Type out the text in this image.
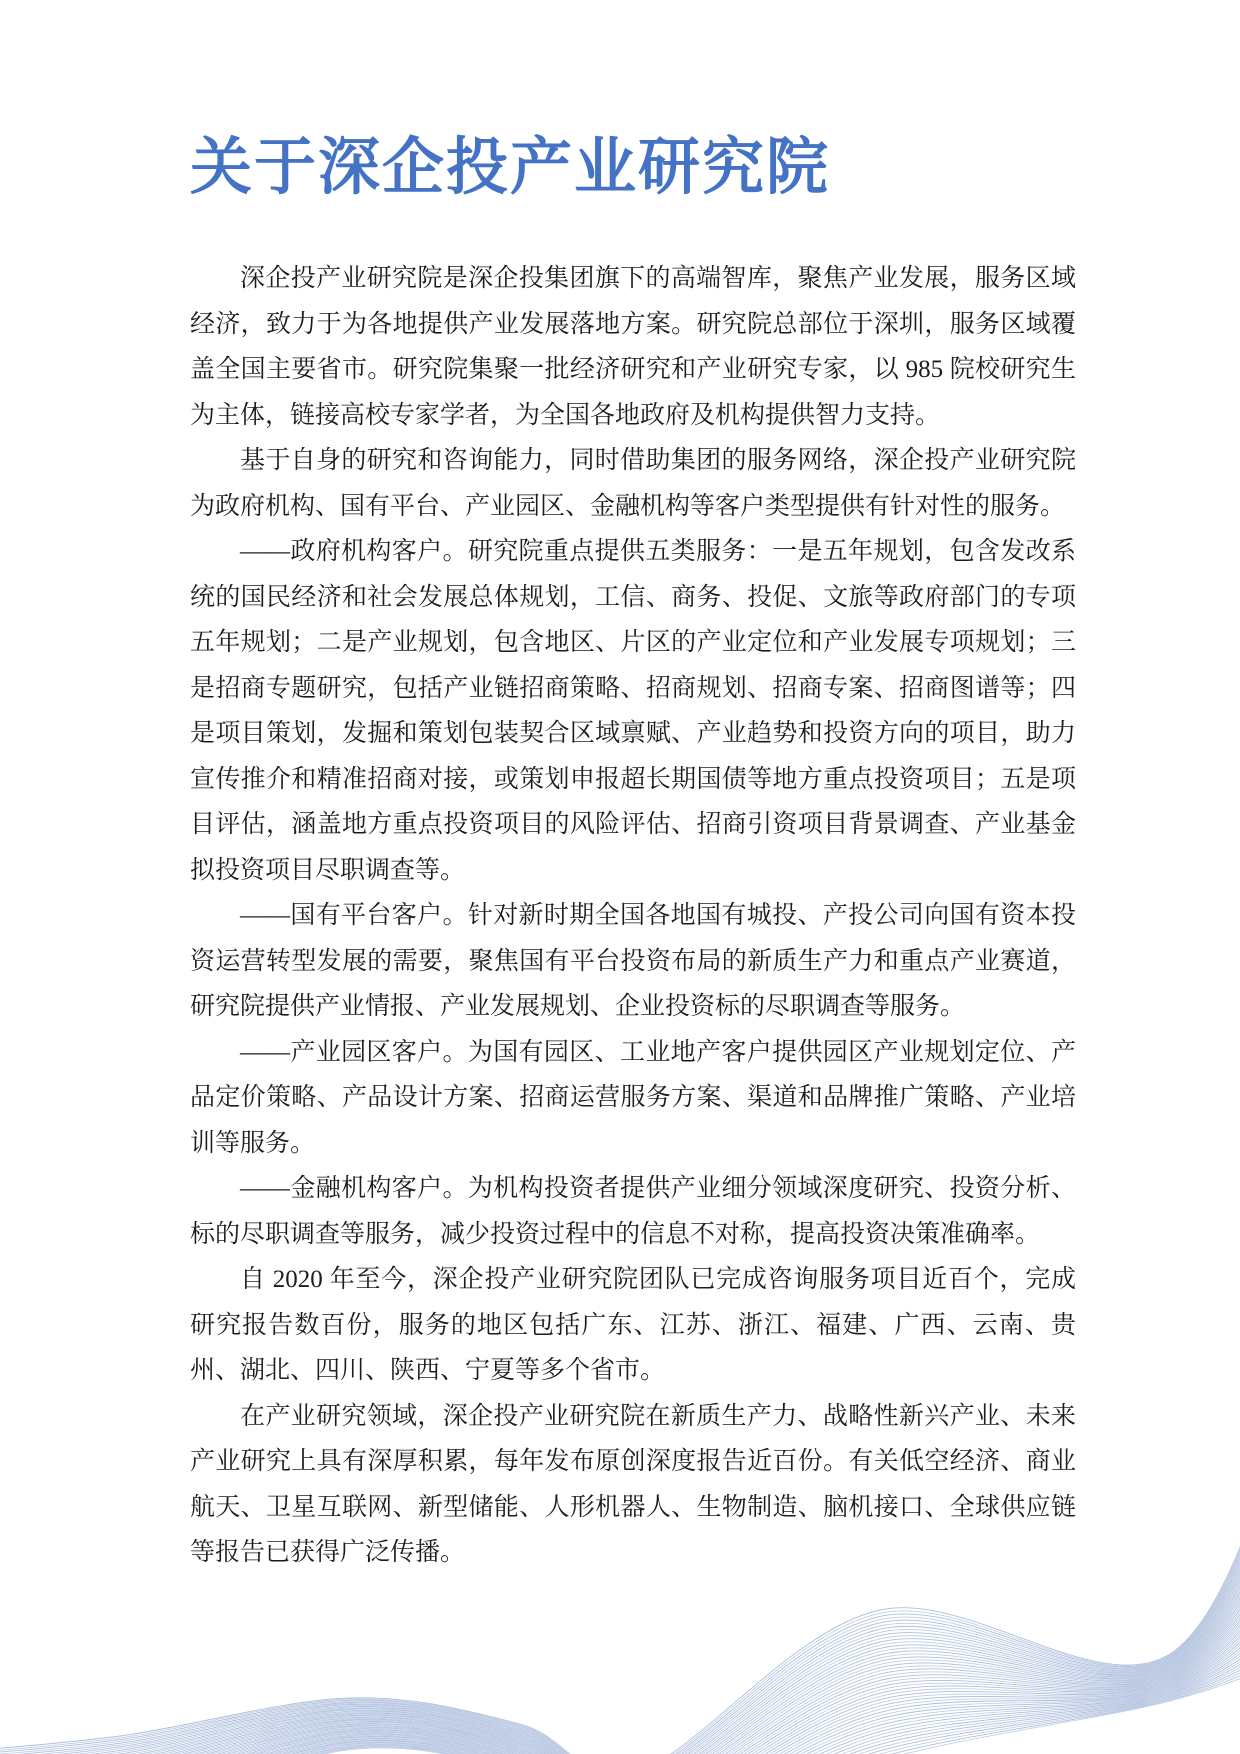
关于深企投产业研究院

深企投产业研究院是深企投集团旗下的高端智库，聚焦产业发展，服务区域经济，致力于为各地提供产业发展落地方案。研究院总部位于深圳，服务区域覆盖全国主要省市。研究院集聚一批经济研究和产业研究专家，以 985 院校研究生为主体，链接高校专家学者，为全国各地政府及机构提供智力支持。

基于自身的研究和咨询能力，同时借助集团的服务网络，深企投产业研究院为政府机构、国有平台、产业园区、金融机构等客户类型提供有针对性的服务。

——政府机构客户。研究院重点提供五类服务：一是五年规划，包含发改系统的国民经济和社会发展总体规划，工信、商务、投促、文旅等政府部门的专项五年规划；二是产业规划，包含地区、片区的产业定位和产业发展专项规划；三是招商专题研究，包括产业链招商策略、招商规划、招商专案、招商图谱等；四是项目策划，发掘和策划包装契合区域禀赋、产业趋势和投资方向的项目，助力宣传推介和精准招商对接，或策划申报超长期国债等地方重点投资项目；五是项目评估，涵盖地方重点投资项目的风险评估、招商引资项目背景调查、产业基金拟投资项目尽职调查等。

——国有平台客户。针对新时期全国各地国有城投、产投公司向国有资本投资运营转型发展的需要，聚焦国有平台投资布局的新质生产力和重点产业赛道，研究院提供产业情报、产业发展规划、企业投资标的尽职调查等服务。

——产业园区客户。为国有园区、工业地产客户提供园区产业规划定位、产品定价策略、产品设计方案、招商运营服务方案、渠道和品牌推广策略、产业培训等服务。

——金融机构客户。为机构投资者提供产业细分领域深度研究、投资分析、标的尽职调查等服务，减少投资过程中的信息不对称，提高投资决策准确率。

自 2020 年至今，深企投产业研究院团队已完成咨询服务项目近百个，完成研究报告数百份，服务的地区包括广东、江苏、浙江、福建、广西、云南、贵州、湖北、四川、陕西、宁夏等多个省市。

在产业研究领域，深企投产业研究院在新质生产力、战略性新兴产业、未来产业研究上具有深厚积累，每年发布原创深度报告近百份。有关低空经济、商业航天、卫星互联网、新型储能、人形机器人、生物制造、脑机接口、全球供应链等报告已获得广泛传播。
